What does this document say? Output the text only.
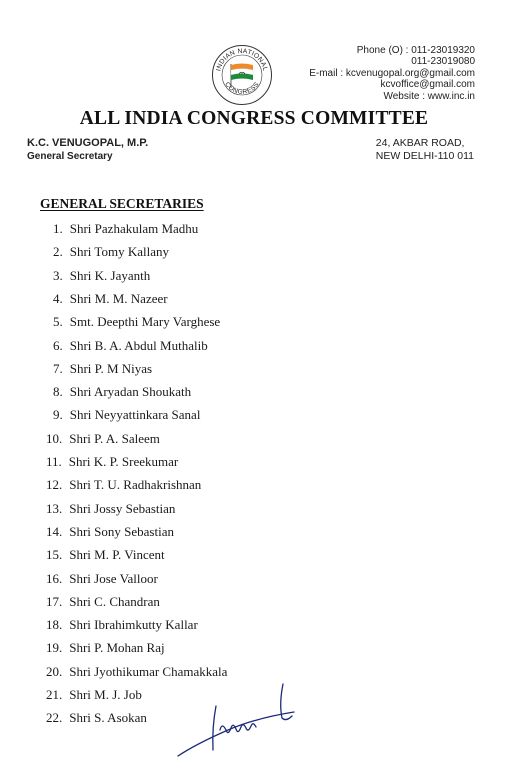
INDIAN NATIONAL
CONGRESS
Phone (O) : 011-23019320
011-23019080
E-mail : kcvenugopal.org@gmail.com
kcvoffice@gmail.com
Website : www.inc.in
ALL INDIA CONGRESS COMMITTEE
K.C. VENUGOPAL, M.P.
General Secretary
24, AKBAR ROAD,
NEW DELHI-110 011
GENERAL SECRETARIES
1. Shri Pazhakulam Madhu
2. Shri Tomy Kallany
3. Shri K. Jayanth
4. Shri M. M. Nazeer
5. Smt. Deepthi Mary Varghese
6. Shri B. A. Abdul Muthalib
7. Shri P. M Niyas
8. Shri Aryadan Shoukath
9. Shri Neyyattinkara Sanal
10. Shri P. A. Saleem
11. Shri K. P. Sreekumar
12. Shri T. U. Radhakrishnan
13. Shri Jossy Sebastian
14. Shri Sony Sebastian
15. Shri M. P. Vincent
16. Shri Jose Valloor
17. Shri C. Chandran
18. Shri Ibrahimkutty Kallar
19. Shri P. Mohan Raj
20. Shri Jyothikumar Chamakkala
21. Shri M. J. Job
22. Shri S. Asokan
